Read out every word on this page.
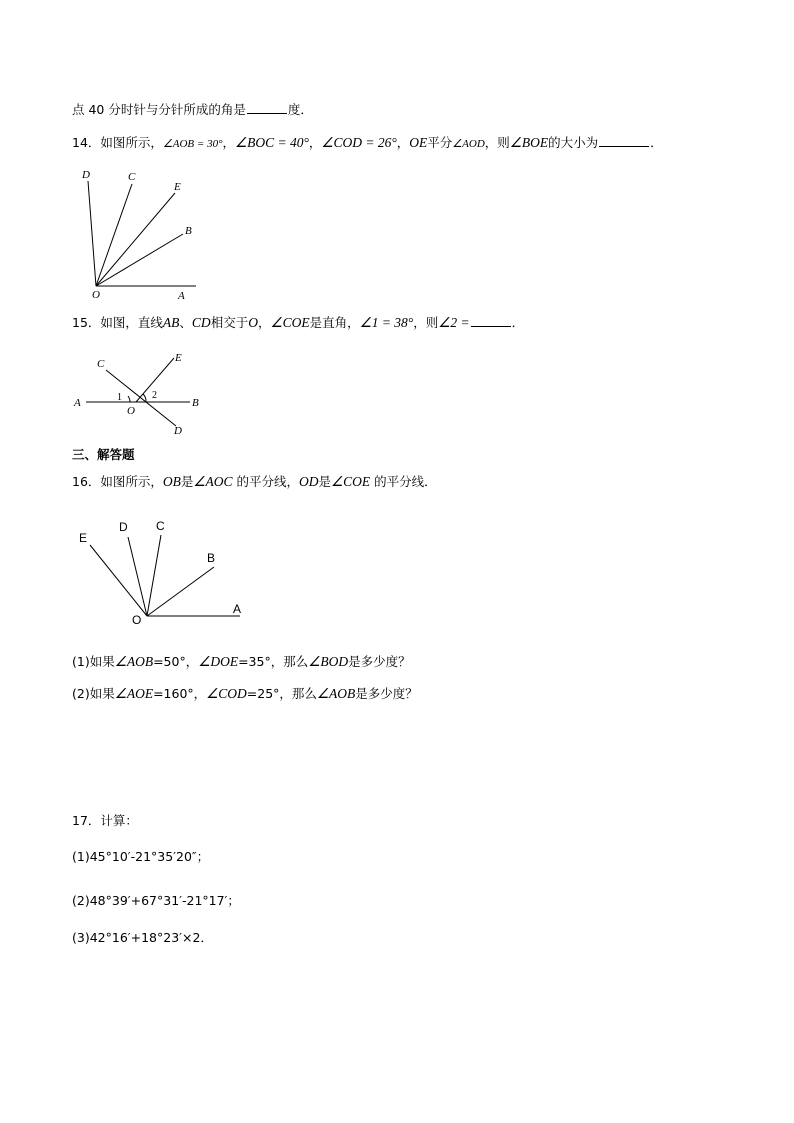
点 40 分时针与分针所成的角是	度．
14．如图所示，∠AOB = 30°，∠BOC = 40°，∠COD = 26°，OE平分∠AOD，则∠BOE的大小为	．
D	C
E
B
O	A
15．如图，直线AB、CD相交于O，∠COE是直角，∠1 = 38°，则∠2 =	．
A	B
C
D
E
O
1	2
三、解答题
16．如图所示，OB是∠AOC 的平分线，OD是∠COE 的平分线．
E
D C
B
O
A
(1)如果∠AOB=50°，∠DOE=35°，那么∠BOD是多少度？
(2)如果∠AOE=160°，∠COD=25°，那么∠AOB是多少度？
17．计算：
(1)45°10′-21°35′20″；
(2)48°39′+67°31′-21°17′；
(3)42°16′+18°23′×2．
